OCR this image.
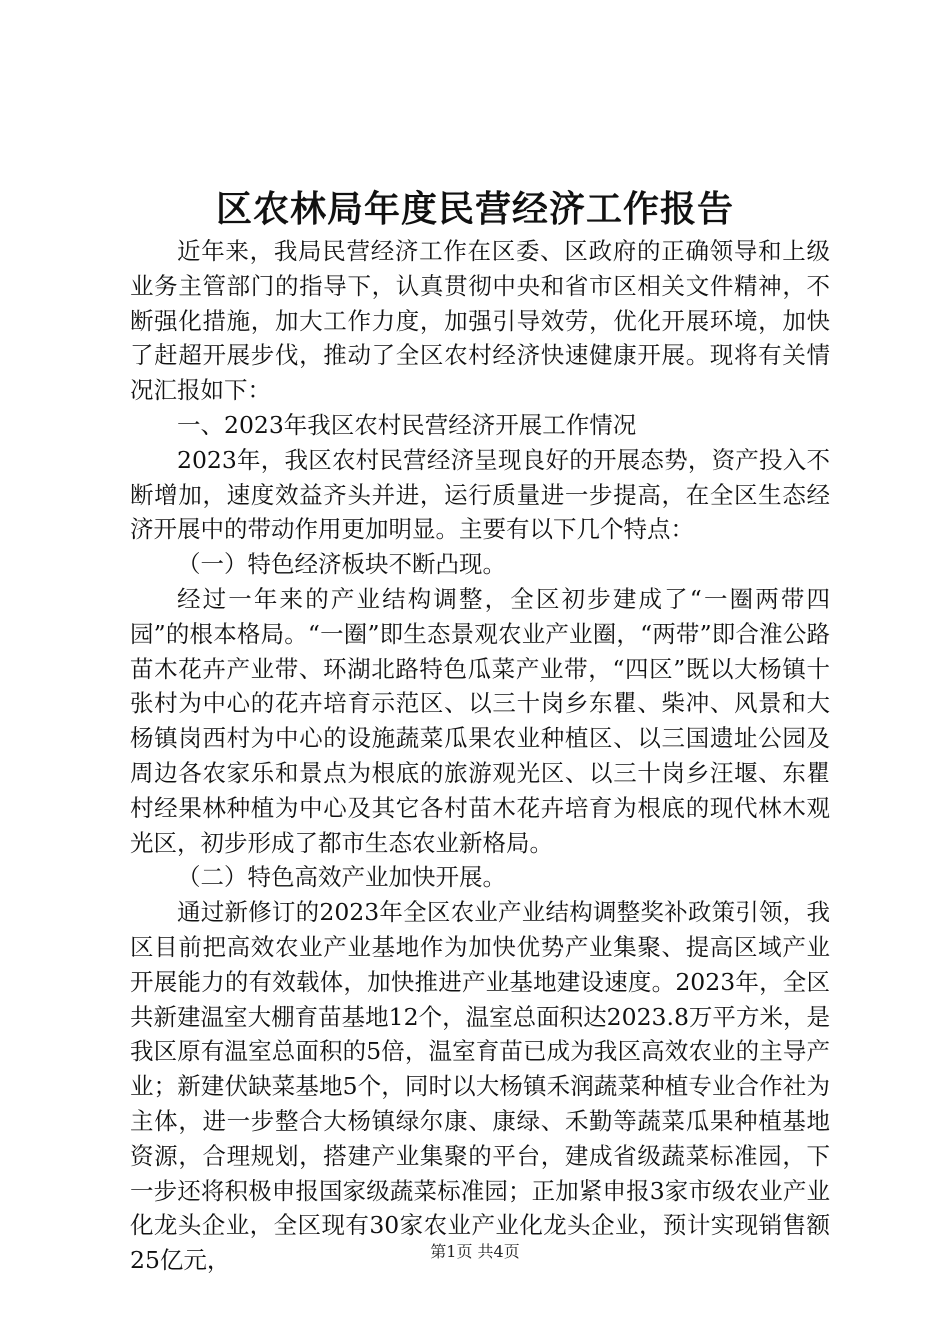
区农林局年度民营经济工作报告

近年来，我局民营经济工作在区委、区政府的正确领导和上级业务主管部门的指导下，认真贯彻中央和省市区相关文件精神，不断强化措施，加大工作力度，加强引导效劳，优化开展环境，加快了赶超开展步伐，推动了全区农村经济快速健康开展。现将有关情况汇报如下：

一、2023年我区农村民营经济开展工作情况

2023年，我区农村民营经济呈现良好的开展态势，资产投入不断增加，速度效益齐头并进，运行质量进一步提高，在全区生态经济开展中的带动作用更加明显。主要有以下几个特点：

（一）特色经济板块不断凸现。

经过一年来的产业结构调整，全区初步建成了“一圈两带四园”的根本格局。“一圈”即生态景观农业产业圈，“两带”即合淮公路苗木花卉产业带、环湖北路特色瓜菜产业带，“四区”既以大杨镇十张村为中心的花卉培育示范区、以三十岗乡东瞿、柴冲、风景和大杨镇岗西村为中心的设施蔬菜瓜果农业种植区、以三国遗址公园及周边各农家乐和景点为根底的旅游观光区、以三十岗乡汪堰、东瞿村经果林种植为中心及其它各村苗木花卉培育为根底的现代林木观光区，初步形成了都市生态农业新格局。

（二）特色高效产业加快开展。

通过新修订的2023年全区农业产业结构调整奖补政策引领，我区目前把高效农业产业基地作为加快优势产业集聚、提高区域产业开展能力的有效载体，加快推进产业基地建设速度。2023年，全区共新建温室大棚育苗基地12个，温室总面积达2023.8万平方米，是我区原有温室总面积的5倍，温室育苗已成为我区高效农业的主导产业；新建伏缺菜基地5个，同时以大杨镇禾润蔬菜种植专业合作社为主体，进一步整合大杨镇绿尔康、康绿、禾勤等蔬菜瓜果种植基地资源，合理规划，搭建产业集聚的平台，建成省级蔬菜标准园，下一步还将积极申报国家级蔬菜标准园；正加紧申报3家市级农业产业化龙头企业，全区现有30家农业产业化龙头企业，预计实现销售额25亿元，	第1页 共4页
